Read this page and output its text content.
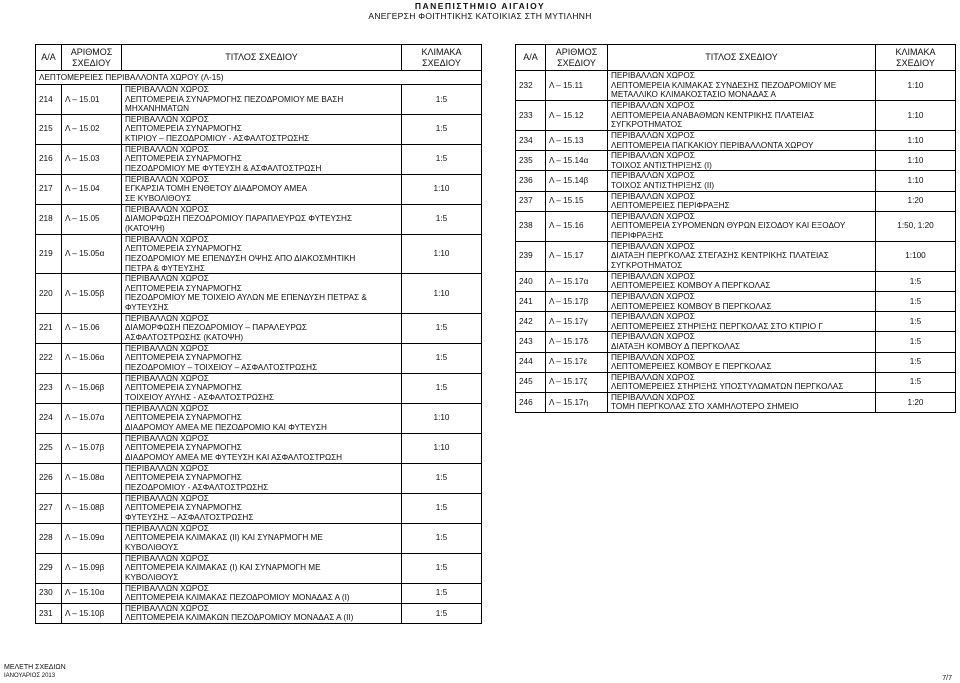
ΠΑΝΕΠΙΣΤΗΜΙΟ ΑΙΓΑΙΟΥ
ΑΝΕΓΕΡΣΗ ΦΟΙΤΗΤΙΚΗΣ ΚΑΤΟΙΚΙΑΣ ΣΤΗ ΜΥΤΙΛΗΝΗ
Α/Α	ΑΡΙΘΜΟΣ ΣΧΕΔΙΟΥ	ΤΙΤΛΟΣ ΣΧΕΔΙΟΥ	ΚΛΙΜΑΚΑ ΣΧΕΔΙΟΥ
ΛΕΠΤΟΜΕΡΕΙΕΣ ΠΕΡΙΒΑΛΛΟΝΤΑ ΧΩΡΟΥ (Λ-15)			
214	Λ – 15.01	ΠΕΡΙΒΑΛΛΩΝ ΧΩΡΟΣ
ΛΕΠΤΟΜΕΡΕΙΑ ΣΥΝΑΡΜΟΓΗΣ ΠΕΖΟΔΡΟΜΙΟΥ ΜΕ ΒΑΣΗ ΜΗΧΑΝΗΜΑΤΩΝ	1:5
215	Λ – 15.02	ΠΕΡΙΒΑΛΛΩΝ ΧΩΡΟΣ
ΛΕΠΤΟΜΕΡΕΙΑ ΣΥΝΑΡΜΟΓΗΣ
ΚΤΙΡΙΟΥ – ΠΕΖΟΔΡΟΜΙΟΥ - ΑΣΦΑΛΤΟΣΤΡΩΣΗΣ	1:5
216	Λ – 15.03	ΠΕΡΙΒΑΛΛΩΝ ΧΩΡΟΣ
ΛΕΠΤΟΜΕΡΕΙΑ ΣΥΝΑΡΜΟΓΗΣ
ΠΕΖΟΔΡΟΜΙΟΥ ΜΕ ΦΥΤΕΥΣΗ & ΑΣΦΑΛΤΟΣΤΡΩΣΗ	1:5
217	Λ – 15.04	ΠΕΡΙΒΑΛΛΩΝ ΧΩΡΟΣ
ΕΓΚΑΡΣΙΑ ΤΟΜΗ ΕΝΘΕΤΟΥ ΔΙΑΔΡΟΜΟΥ ΑΜΕΑ
ΣΕ ΚΥΒΟΛΙΘΟΥΣ	1:10
218	Λ – 15.05	ΠΕΡΙΒΑΛΛΩΝ ΧΩΡΟΣ
ΔΙΑΜΟΡΦΩΣΗ ΠΕΖΟΔΡΟΜΙΟΥ ΠΑΡΑΠΛΕΥΡΩΣ ΦΥΤΕΥΣΗΣ
(ΚΑΤΟΨΗ)	1:5
219	Λ – 15.05α	ΠΕΡΙΒΑΛΛΩΝ ΧΩΡΟΣ
ΛΕΠΤΟΜΕΡΕΙΑ ΣΥΝΑΡΜΟΓΗΣ
ΠΕΖΟΔΡΟΜΙΟΥ ΜΕ ΕΠΕΝΔΥΣΗ ΟΨΗΣ ΑΠΟ ΔΙΑΚΟΣΜΗΤΙΚΗ
ΠΕΤΡΑ & ΦΥΤΕΥΣΗΣ	1:10
220	Λ – 15.05β	ΠΕΡΙΒΑΛΛΩΝ ΧΩΡΟΣ
ΛΕΠΤΟΜΕΡΕΙΑ ΣΥΝΑΡΜΟΓΗΣ
ΠΕΖΟΔΡΟΜΙΟΥ ΜΕ ΤΟΙΧΕΙΟ ΑΥΛΩΝ ΜΕ ΕΠΕΝΔΥΣΗ ΠΕΤΡΑΣ &
ΦΥΤΕΥΣΗΣ	1:10
221	Λ – 15.06	ΠΕΡΙΒΑΛΛΩΝ ΧΩΡΟΣ
ΔΙΑΜΟΡΦΩΣΗ ΠΕΖΟΔΡΟΜΙΟΥ – ΠΑΡΑΛΕΥΡΩΣ
ΑΣΦΑΛΤΟΣΤΡΩΣΗΣ (ΚΑΤΟΨΗ)	1:5
222	Λ – 15.06α	ΠΕΡΙΒΑΛΛΩΝ ΧΩΡΟΣ
ΛΕΠΤΟΜΕΡΕΙΑ ΣΥΝΑΡΜΟΓΗΣ
ΠΕΖΟΔΡΟΜΙΟΥ – ΤΟΙΧΕΙΟΥ – ΑΣΦΑΛΤΟΣΤΡΩΣΗΣ	1:5
223	Λ – 15.06β	ΠΕΡΙΒΑΛΛΩΝ ΧΩΡΟΣ
ΛΕΠΤΟΜΕΡΕΙΑ ΣΥΝΑΡΜΟΓΗΣ
ΤΟΙΧΕΙΟΥ ΑΥΛΗΣ - ΑΣΦΑΛΤΟΣΤΡΩΣΗΣ	1:5
224	Λ – 15.07α	ΠΕΡΙΒΑΛΛΩΝ ΧΩΡΟΣ
ΛΕΠΤΟΜΕΡΕΙΑ ΣΥΝΑΡΜΟΓΗΣ
ΔΙΑΔΡΟΜΟΥ ΑΜΕΑ ΜΕ ΠΕΖΟΔΡΟΜΙΟ ΚΑΙ ΦΥΤΕΥΣΗ	1:10
225	Λ – 15.07β	ΠΕΡΙΒΑΛΛΩΝ ΧΩΡΟΣ
ΛΕΠΤΟΜΕΡΕΙΑ ΣΥΝΑΡΜΟΓΗΣ
ΔΙΑΔΡΟΜΟΥ ΑΜΕΑ ΜΕ ΦΥΤΕΥΣΗ ΚΑΙ ΑΣΦΑΛΤΟΣΤΡΩΣΗ	1:10
226	Λ – 15.08α	ΠΕΡΙΒΑΛΛΩΝ ΧΩΡΟΣ
ΛΕΠΤΟΜΕΡΕΙΑ ΣΥΝΑΡΜΟΓΗΣ
ΠΕΖΟΔΡΟΜΙΟΥ - ΑΣΦΑΛΤΟΣΤΡΩΣΗΣ	1:5
227	Λ – 15.08β	ΠΕΡΙΒΑΛΛΩΝ ΧΩΡΟΣ
ΛΕΠΤΟΜΕΡΕΙΑ ΣΥΝΑΡΜΟΓΗΣ
ΦΥΤΕΥΣΗΣ – ΑΣΦΑΛΤΟΣΤΡΩΣΗΣ	1:5
228	Λ – 15.09α	ΠΕΡΙΒΑΛΛΩΝ ΧΩΡΟΣ
ΛΕΠΤΟΜΕΡΕΙΑ ΚΛΙΜΑΚΑΣ (ΙΙ) ΚΑΙ ΣΥΝΑΡΜΟΓΗ ΜΕ
ΚΥΒΟΛΙΘΟΥΣ	1:5
229	Λ – 15.09β	ΠΕΡΙΒΑΛΛΩΝ ΧΩΡΟΣ
ΛΕΠΤΟΜΕΡΕΙΑ ΚΛΙΜΑΚΑΣ (Ι) ΚΑΙ ΣΥΝΑΡΜΟΓΗ ΜΕ
ΚΥΒΟΛΙΘΟΥΣ	1:5
230	Λ – 15.10α	ΠΕΡΙΒΑΛΛΩΝ ΧΩΡΟΣ
ΛΕΠΤΟΜΕΡΕΙΑ ΚΛΙΜΑΚΑΣ ΠΕΖΟΔΡΟΜΙΟΥ ΜΟΝΑΔΑΣ Α (Ι)	1:5
231	Λ – 15.10β	ΠΕΡΙΒΑΛΛΩΝ ΧΩΡΟΣ
ΛΕΠΤΟΜΕΡΕΙΑ ΚΛΙΜΑΚΩΝ ΠΕΖΟΔΡΟΜΙΟΥ ΜΟΝΑΔΑΣ Α (ΙΙ)	1:5
Α/Α	ΑΡΙΘΜΟΣ ΣΧΕΔΙΟΥ	ΤΙΤΛΟΣ ΣΧΕΔΙΟΥ	ΚΛΙΜΑΚΑ ΣΧΕΔΙΟΥ
232	Λ – 15.11	ΠΕΡΙΒΑΛΛΩΝ ΧΩΡΟΣ
ΛΕΠΤΟΜΕΡΕΙΑ ΚΛΙΜΑΚΑΣ ΣΥΝΔΕΣΗΣ ΠΕΖΟΔΡΟΜΙΟΥ ΜΕ
ΜΕΤΑΛΛΙΚΟ ΚΛΙΜΑΚΟΣΤΑΣΙΟ ΜΟΝΑΔΑΣ Α	1:10
233	Λ – 15.12	ΠΕΡΙΒΑΛΛΩΝ ΧΩΡΟΣ
ΛΕΠΤΟΜΕΡΕΙΑ ΑΝΑΒΑΘΜΩΝ ΚΕΝΤΡΙΚΗΣ ΠΛΑΤΕΙΑΣ
ΣΥΓΚΡΟΤΗΜΑΤΟΣ	1:10
234	Λ – 15.13	ΠΕΡΙΒΑΛΛΩΝ ΧΩΡΟΣ
ΛΕΠΤΟΜΕΡΕΙΑ ΠΑΓΚΑΚΙΟΥ ΠΕΡΙΒΑΛΛΟΝΤΑ ΧΩΡΟΥ	1:10
235	Λ – 15.14α	ΠΕΡΙΒΑΛΛΩΝ ΧΩΡΟΣ
ΤΟΙΧΟΣ ΑΝΤΙΣΤΗΡΙΞΗΣ (Ι)	1:10
236	Λ – 15.14β	ΠΕΡΙΒΑΛΛΩΝ ΧΩΡΟΣ
ΤΟΙΧΟΣ ΑΝΤΙΣΤΗΡΙΞΗΣ (ΙΙ)	1:10
237	Λ – 15.15	ΠΕΡΙΒΑΛΛΩΝ ΧΩΡΟΣ
ΛΕΠΤΟΜΕΡΕΙΕΣ ΠΕΡΙΦΡΑΞΗΣ	1:20
238	Λ – 15.16	ΠΕΡΙΒΑΛΛΩΝ ΧΩΡΟΣ
ΛΕΠΤΟΜΕΡΕΙΑ ΣΥΡΟΜΕΝΩΝ ΘΥΡΩΝ ΕΙΣΟΔΟΥ ΚΑΙ ΕΞΟΔΟΥ
ΠΕΡΙΦΡΑΞΗΣ	1:50, 1:20
239	Λ – 15.17	ΠΕΡΙΒΑΛΛΩΝ ΧΩΡΟΣ
ΔΙΑΤΑΞΗ ΠΕΡΓΚΟΛΑΣ ΣΤΕΓΑΣΗΣ ΚΕΝΤΡΙΚΗΣ ΠΛΑΤΕΙΑΣ
ΣΥΓΚΡΟΤΗΜΑΤΟΣ	1:100
240	Λ – 15.17α	ΠΕΡΙΒΑΛΛΩΝ ΧΩΡΟΣ
ΛΕΠΤΟΜΕΡΕΙΕΣ ΚΟΜΒΟΥ Α ΠΕΡΓΚΟΛΑΣ	1:5
241	Λ – 15.17β	ΠΕΡΙΒΑΛΛΩΝ ΧΩΡΟΣ
ΛΕΠΤΟΜΕΡΕΙΕΣ ΚΟΜΒΟΥ Β ΠΕΡΓΚΟΛΑΣ	1:5
242	Λ – 15.17γ	ΠΕΡΙΒΑΛΛΩΝ ΧΩΡΟΣ
ΛΕΠΤΟΜΕΡΕΙΕΣ ΣΤΗΡΙΞΗΣ ΠΕΡΓΚΟΛΑΣ ΣΤΟ ΚΤΙΡΙΟ Γ	1:5
243	Λ – 15.17δ	ΠΕΡΙΒΑΛΛΩΝ ΧΩΡΟΣ
ΔΙΑΤΑΞΗ ΚΟΜΒΟΥ Δ ΠΕΡΓΚΟΛΑΣ	1:5
244	Λ – 15.17ε	ΠΕΡΙΒΑΛΛΩΝ ΧΩΡΟΣ
ΛΕΠΤΟΜΕΡΕΙΕΣ ΚΟΜΒΟΥ Ε ΠΕΡΓΚΟΛΑΣ	1:5
245	Λ – 15.17ζ	ΠΕΡΙΒΑΛΛΩΝ ΧΩΡΟΣ
ΛΕΠΤΟΜΕΡΕΙΕΣ ΣΤΗΡΙΞΗΣ ΥΠΟΣΤΥΛΩΜΑΤΩΝ ΠΕΡΓΚΟΛΑΣ	1:5
246	Λ – 15.17η	ΠΕΡΙΒΑΛΛΩΝ ΧΩΡΟΣ
ΤΟΜΗ ΠΕΡΓΚΟΛΑΣ ΣΤΟ ΧΑΜΗΛΟΤΕΡΟ ΣΗΜΕΙΟ	1:20
ΜΕΛΕΤΗ ΣΧΕΔΙΩΝ
ΙΑΝΟΥΑΡΙΟΣ 2013	7/7
